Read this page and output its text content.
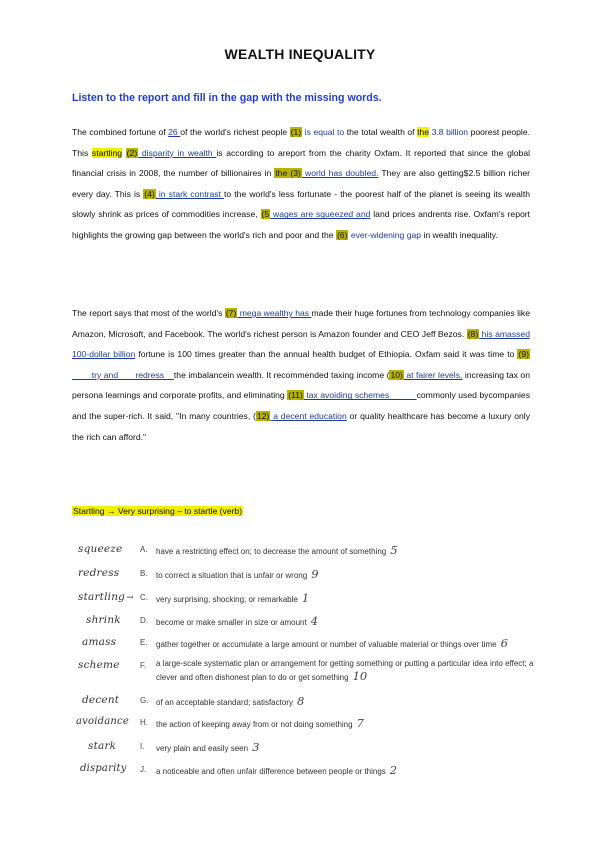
WEALTH INEQUALITY
Listen to the report and fill in the gap with the missing words.
The combined fortune of 26 of the world's richest people (1) is equal to the total wealth of the 3.8 billion poorest people. This startling (2) disparity in wealth is according to areport from the charity Oxfam. It reported that since the global financial crisis in 2008, the number of billionaires in the (3) world has doubled. They are also getting$2.5 billion richer every day. This is (4) in stark contrast to the world's less fortunate - the poorest half of the planet is seeing its wealth slowly shrink as prices of commodities increase, (5 wages are squeezed and land prices andrents rise. Oxfam's report highlights the growing gap between the world's rich and poor and the (6) ever-widening gap in wealth inequality.
The report says that most of the world's (7) mega wealthy has made their huge fortunes from technology companies like Amazon, Microsoft, and Facebook. The world's richest person is Amazon founder and CEO Jeff Bezos. (8) his amassed 100-dollar billion fortune is 100 times greater than the annual health budget of Ethiopia. Oxfam said it was time to (9)        try and       redress    the imbalancein wealth. It recommended taxing income (10) at fairer levels, increasing tax on persona learnings and corporate profits, and eliminating (11) tax avoiding schemes           commonly used bycompanies and the super-rich. It said, "In many countries, (12) a decent education or quality healthcare has become a luxury only the rich can afford."
Startling → Very surprising – to startle (verb)
squeeze	A.	have a restricting effect on; to decrease the amount of something 5
redress	B.	to correct a situation that is unfair or wrong 9
startling→ C.	very surprising, shocking, or remarkable 1
shrink	D.	become or make smaller in size or amount 4
amass	E.	gather together or accumulate a large amount or number of valuable material or things over time 6
scheme	F.	a large-scale systematic plan or arrangement for getting something or putting a particular idea into effect; a clever and often dishonest plan to do or get something 10
decent	G. of an acceptable standard; satisfactory 8
avoidance	H.	the action of keeping away from or not doing something 7
stark	I.	very plain and easily seen 3
disparity	J.	a noticeable and often unfair difference between people or things 2
